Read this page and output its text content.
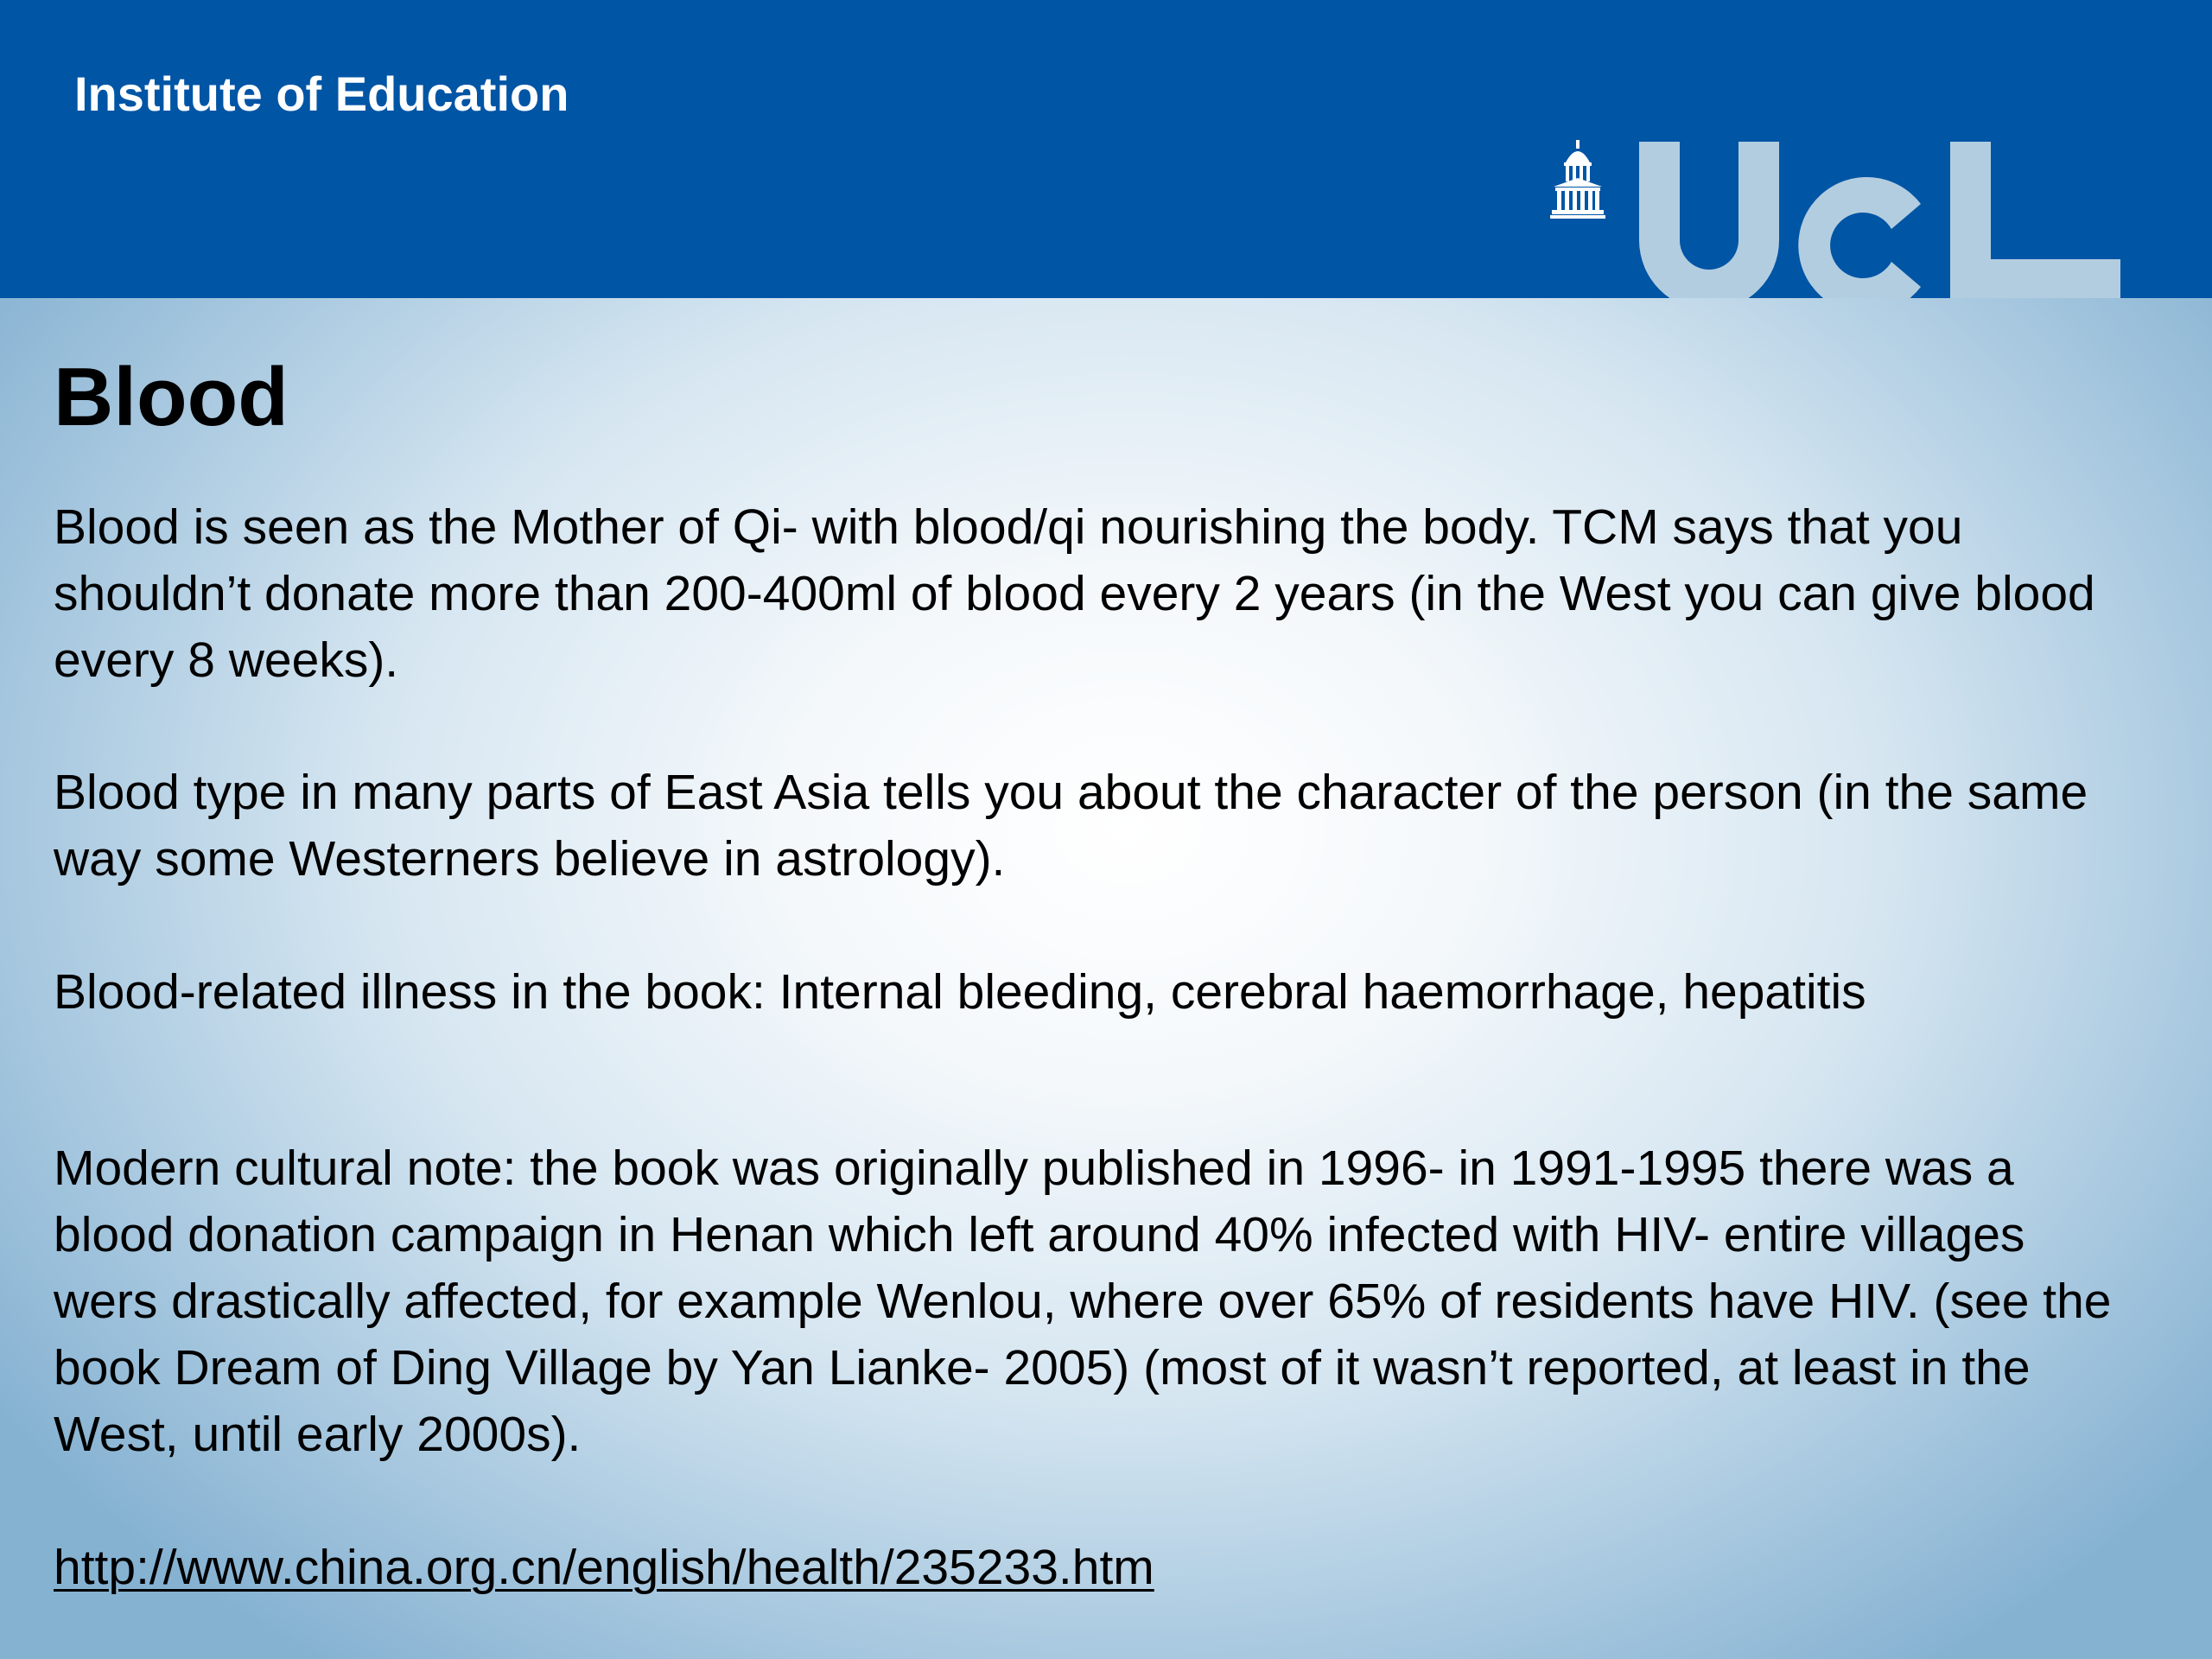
Institute of Education
Blood

Blood is seen as the Mother of Qi- with blood/qi nourishing the body. TCM says that you shouldn’t donate more than 200-400ml of blood every 2 years (in the West you can give blood every 8 weeks).

Blood type in many parts of East Asia tells you about the character of the person (in the same way some Westerners believe in astrology).

Blood-related illness in the book: Internal bleeding, cerebral haemorrhage, hepatitis

Modern cultural note: the book was originally published in 1996- in 1991-1995 there was a blood donation campaign in Henan which left around 40% infected with HIV- entire villages wers drastically affected, for example Wenlou, where over 65% of residents have HIV. (see the book Dream of Ding Village by Yan Lianke- 2005) (most of it wasn’t reported, at least in the West, until early 2000s).

http://www.china.org.cn/english/health/235233.htm
